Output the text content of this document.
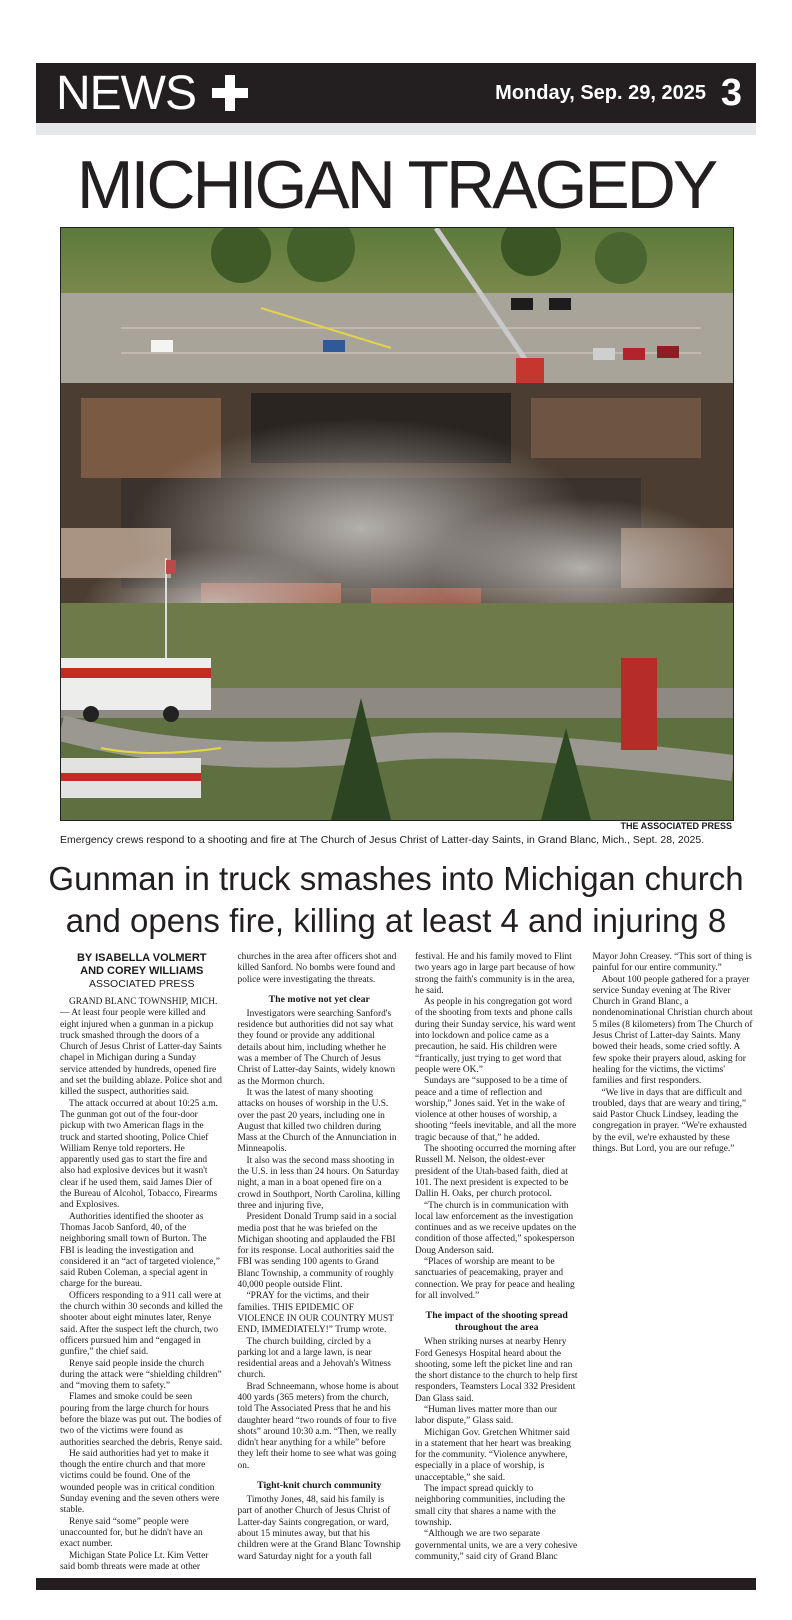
NEWS	Monday, Sep. 29, 2025 3
MICHIGAN TRAGEDY
THE ASSOCIATED PRESS
Emergency crews respond to a shooting and fire at The Church of Jesus Christ of Latter-day Saints, in Grand Blanc, Mich., Sept. 28, 2025.
Gunman in truck smashes into Michigan church and opens fire, killing at least 4 and injuring 8
BY ISABELLA VOLMERT
AND COREY WILLIAMS
ASSOCIATED PRESS

GRAND BLANC TOWNSHIP, MICH. — At least four people were killed and eight injured when a gunman in a pickup truck smashed through the doors of a Church of Jesus Christ of Latter-day Saints chapel in Michigan during a Sunday service attended by hundreds, opened fire and set the building ablaze. Police shot and killed the suspect, authorities said.

The attack occurred at about 10:25 a.m. The gunman got out of the four-door pickup with two American flags in the truck and started shooting, Police Chief William Renye told reporters. He apparently used gas to start the fire and also had explosive devices but it wasn't clear if he used them, said James Dier of the Bureau of Alcohol, Tobacco, Firearms and Explosives.

Authorities identified the shooter as Thomas Jacob Sanford, 40, of the neighboring small town of Burton. The FBI is leading the investigation and considered it an “act of targeted violence,” said Ruben Coleman, a special agent in charge for the bureau.

Officers responding to a 911 call were at the church within 30 seconds and killed the shooter about eight minutes later, Renye said. After the suspect left the church, two officers pursued him and “engaged in gunfire,” the chief said.

Renye said people inside the church during the attack were “shielding children” and “moving them to safety.”

Flames and smoke could be seen pouring from the large church for hours before the blaze was put out. The bodies of two of the victims were found as authorities searched the debris, Renye said.

He said authorities had yet to make it though the entire church and that more victims could be found. One of the wounded people was in critical condition Sunday evening and the seven others were stable.

Renye said “some” people were unaccounted for, but he didn't have an exact number.

Michigan State Police Lt. Kim Vetter said bomb threats were made at other churches in the area after officers shot and killed Sanford. No bombs were found and police were investigating the threats.

The motive not yet clear

Investigators were searching Sanford's residence but authorities did not say what they found or provide any additional details about him, including whether he was a member of The Church of Jesus Christ of Latter-day Saints, widely known as the Mormon church.

It was the latest of many shooting attacks on houses of worship in the U.S. over the past 20 years, including one in August that killed two children during Mass at the Church of the Annunciation in Minneapolis.

It also was the second mass shooting in the U.S. in less than 24 hours. On Saturday night, a man in a boat opened fire on a crowd in Southport, North Carolina, killing three and injuring five,

President Donald Trump said in a social media post that he was briefed on the Michigan shooting and applauded the FBI for its response. Local authorities said the FBI was sending 100 agents to Grand Blanc Township, a community of roughly 40,000 people outside Flint.

“PRAY for the victims, and their families. THIS EPIDEMIC OF VIOLENCE IN OUR COUNTRY MUST END, IMMEDIATELY!” Trump wrote.

The church building, circled by a parking lot and a large lawn, is near residential areas and a Jehovah's Witness church.

Brad Schneemann, whose home is about 400 yards (365 meters) from the church, told The Associated Press that he and his daughter heard “two rounds of four to five shots” around 10:30 a.m. “Then, we really didn't hear anything for a while” before they left their home to see what was going on.

Tight-knit church community

Timothy Jones, 48, said his family is part of another Church of Jesus Christ of Latter-day Saints congregation, or ward, about 15 minutes away, but that his children were at the Grand Blanc Township ward Saturday night for a youth fall festival. He and his family moved to Flint two years ago in large part because of how strong the faith's community is in the area, he said.

As people in his congregation got word of the shooting from texts and phone calls during their Sunday service, his ward went into lockdown and police came as a precaution, he said. His children were “frantically, just trying to get word that people were OK.”

Sundays are “supposed to be a time of peace and a time of reflection and worship,” Jones said. Yet in the wake of violence at other houses of worship, a shooting “feels inevitable, and all the more tragic because of that,” he added.

The shooting occurred the morning after Russell M. Nelson, the oldest-ever president of the Utah-based faith, died at 101. The next president is expected to be Dallin H. Oaks, per church protocol.

“The church is in communication with local law enforcement as the investigation continues and as we receive updates on the condition of those affected,” spokesperson Doug Anderson said.

“Places of worship are meant to be sanctuaries of peacemaking, prayer and connection. We pray for peace and healing for all involved.”

The impact of the shooting spread throughout the area

When striking nurses at nearby Henry Ford Genesys Hospital heard about the shooting, some left the picket line and ran the short distance to the church to help first responders, Teamsters Local 332 President Dan Glass said.

“Human lives matter more than our labor dispute,” Glass said.

Michigan Gov. Gretchen Whitmer said in a statement that her heart was breaking for the community. “Violence anywhere, especially in a place of worship, is unacceptable,” she said.

The impact spread quickly to neighboring communities, including the small city that shares a name with the township.

“Although we are two separate governmental units, we are a very cohesive community,” said city of Grand Blanc Mayor John Creasey. “This sort of thing is painful for our entire community.”

About 100 people gathered for a prayer service Sunday evening at The River Church in Grand Blanc, a nondenominational Christian church about 5 miles (8 kilometers) from The Church of Jesus Christ of Latter-day Saints. Many bowed their heads, some cried softly. A few spoke their prayers aloud, asking for healing for the victims, the victims' families and first responders.

“We live in days that are difficult and troubled, days that are weary and tiring,” said Pastor Chuck Lindsey, leading the congregation in prayer. “We're exhausted by the evil, we're exhausted by these things. But Lord, you are our refuge.”
